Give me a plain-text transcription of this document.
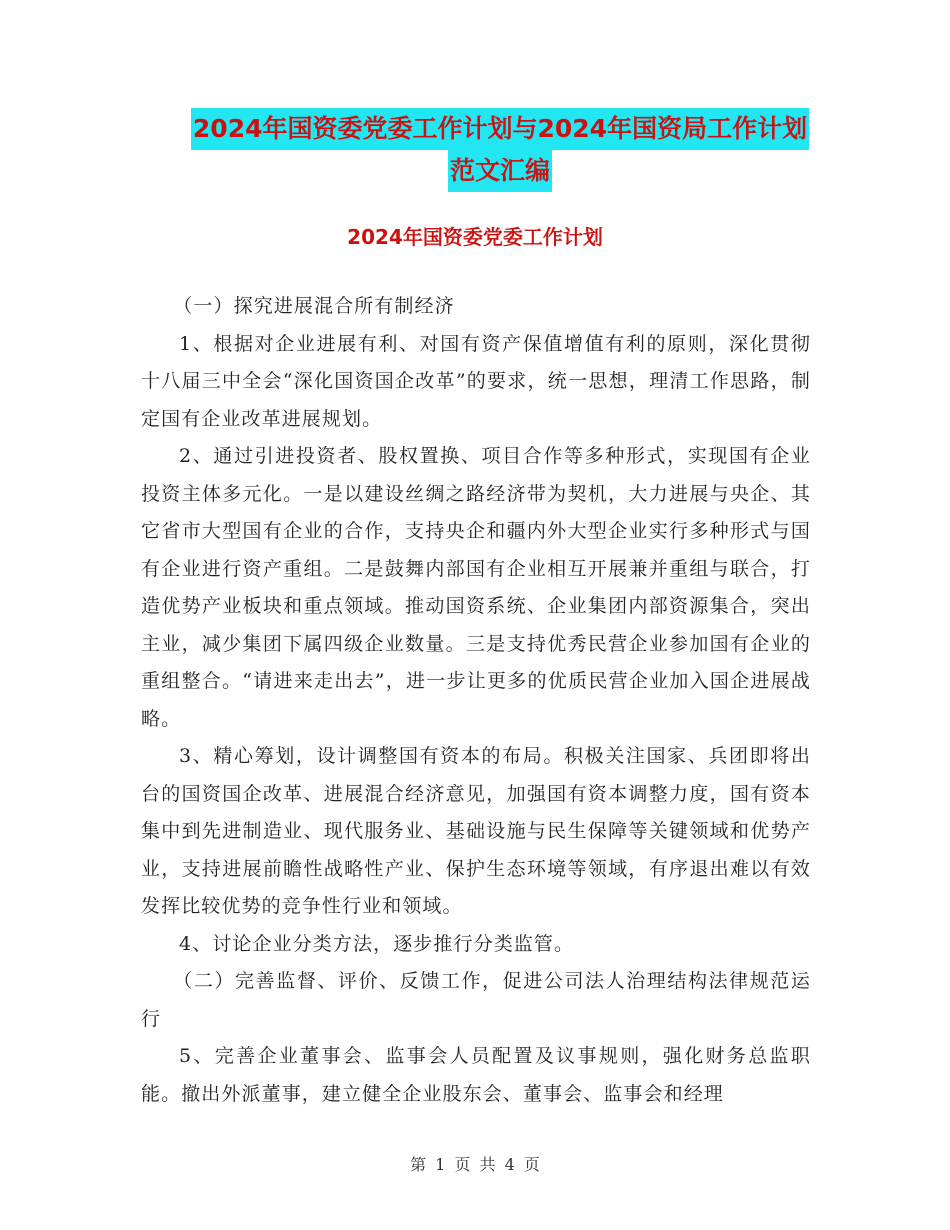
2024年国资委党委工作计划与2024年国资局工作计划
范文汇编
2024年国资委党委工作计划

（一）探究进展混合所有制经济

1、根据对企业进展有利、对国有资产保值增值有利的原则，深化贯彻十八届三中全会“深化国资国企改革”的要求，统一思想，理清工作思路，制定国有企业改革进展规划。

2、通过引进投资者、股权置换、项目合作等多种形式，实现国有企业投资主体多元化。一是以建设丝绸之路经济带为契机，大力进展与央企、其它省市大型国有企业的合作，支持央企和疆内外大型企业实行多种形式与国有企业进行资产重组。二是鼓舞内部国有企业相互开展兼并重组与联合，打造优势产业板块和重点领域。推动国资系统、企业集团内部资源集合，突出主业，减少集团下属四级企业数量。三是支持优秀民营企业参加国有企业的重组整合。“请进来走出去”，进一步让更多的优质民营企业加入国企进展战略。

3、精心筹划，设计调整国有资本的布局。积极关注国家、兵团即将出台的国资国企改革、进展混合经济意见，加强国有资本调整力度，国有资本集中到先进制造业、现代服务业、基础设施与民生保障等关键领域和优势产业，支持进展前瞻性战略性产业、保护生态环境等领域，有序退出难以有效发挥比较优势的竞争性行业和领域。

4、讨论企业分类方法，逐步推行分类监管。

（二）完善监督、评价、反馈工作，促进公司法人治理结构法律规范运行

5、完善企业董事会、监事会人员配置及议事规则，强化财务总监职能。撤出外派董事，建立健全企业股东会、董事会、监事会和经理

第 1 页 共 4 页
